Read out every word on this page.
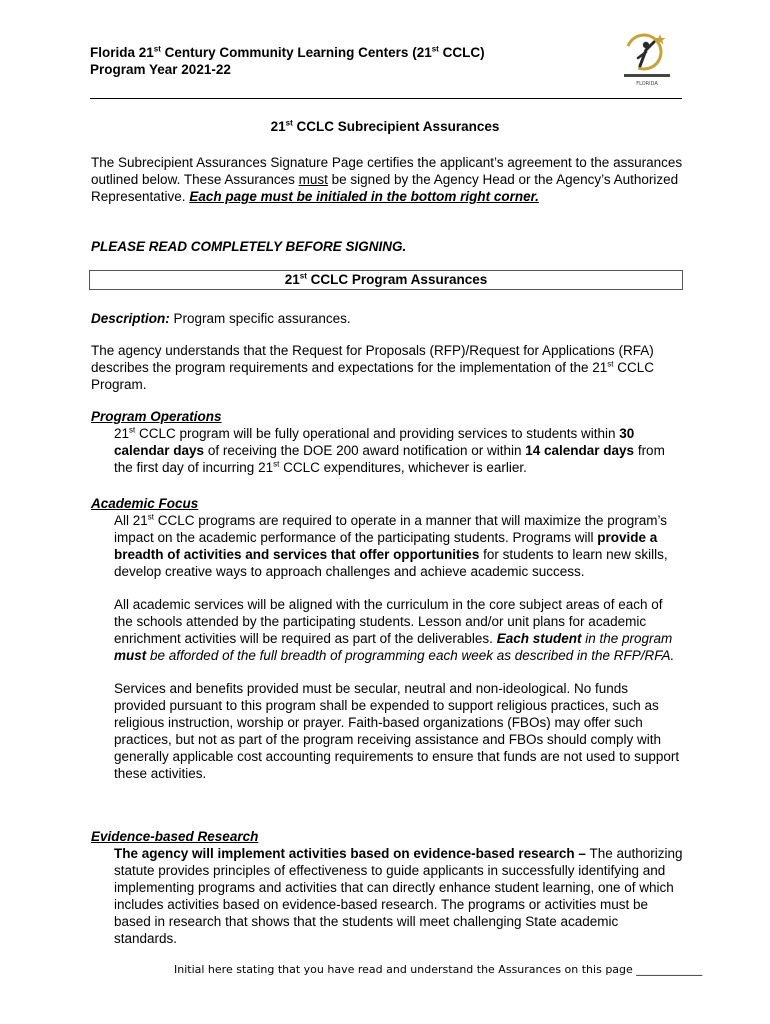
Florida 21st Century Community Learning Centers (21st CCLC)
Program Year 2021-22
FLORIDA
21st CCLC Subrecipient Assurances

The Subrecipient Assurances Signature Page certifies the applicant’s agreement to the assurances outlined below. These Assurances must be signed by the Agency Head or the Agency’s Authorized Representative. Each page must be initialed in the bottom right corner.

PLEASE READ COMPLETELY BEFORE SIGNING.
21st CCLC Program Assurances
Description: Program specific assurances.
The agency understands that the Request for Proposals (RFP)/Request for Applications (RFA) describes the program requirements and expectations for the implementation of the 21st CCLC Program.
Program Operations
21st CCLC program will be fully operational and providing services to students within 30 calendar days of receiving the DOE 200 award notification or within 14 calendar days from the first day of incurring 21st CCLC expenditures, whichever is earlier.
Academic Focus
All 21st CCLC programs are required to operate in a manner that will maximize the program’s impact on the academic performance of the participating students. Programs will provide a breadth of activities and services that offer opportunities for students to learn new skills, develop creative ways to approach challenges and achieve academic success.
All academic services will be aligned with the curriculum in the core subject areas of each of the schools attended by the participating students. Lesson and/or unit plans for academic enrichment activities will be required as part of the deliverables. Each student in the program must be afforded of the full breadth of programming each week as described in the RFP/RFA.
Services and benefits provided must be secular, neutral and non-ideological. No funds provided pursuant to this program shall be expended to support religious practices, such as religious instruction, worship or prayer. Faith-based organizations (FBOs) may offer such practices, but not as part of the program receiving assistance and FBOs should comply with generally applicable cost accounting requirements to ensure that funds are not used to support these activities.
Evidence-based Research
The agency will implement activities based on evidence-based research – The authorizing statute provides principles of effectiveness to guide applicants in successfully identifying and implementing programs and activities that can directly enhance student learning, one of which includes activities based on evidence-based research. The programs or activities must be based in research that shows that the students will meet challenging State academic standards.
Initial here stating that you have read and understand the Assurances on this page ____________
